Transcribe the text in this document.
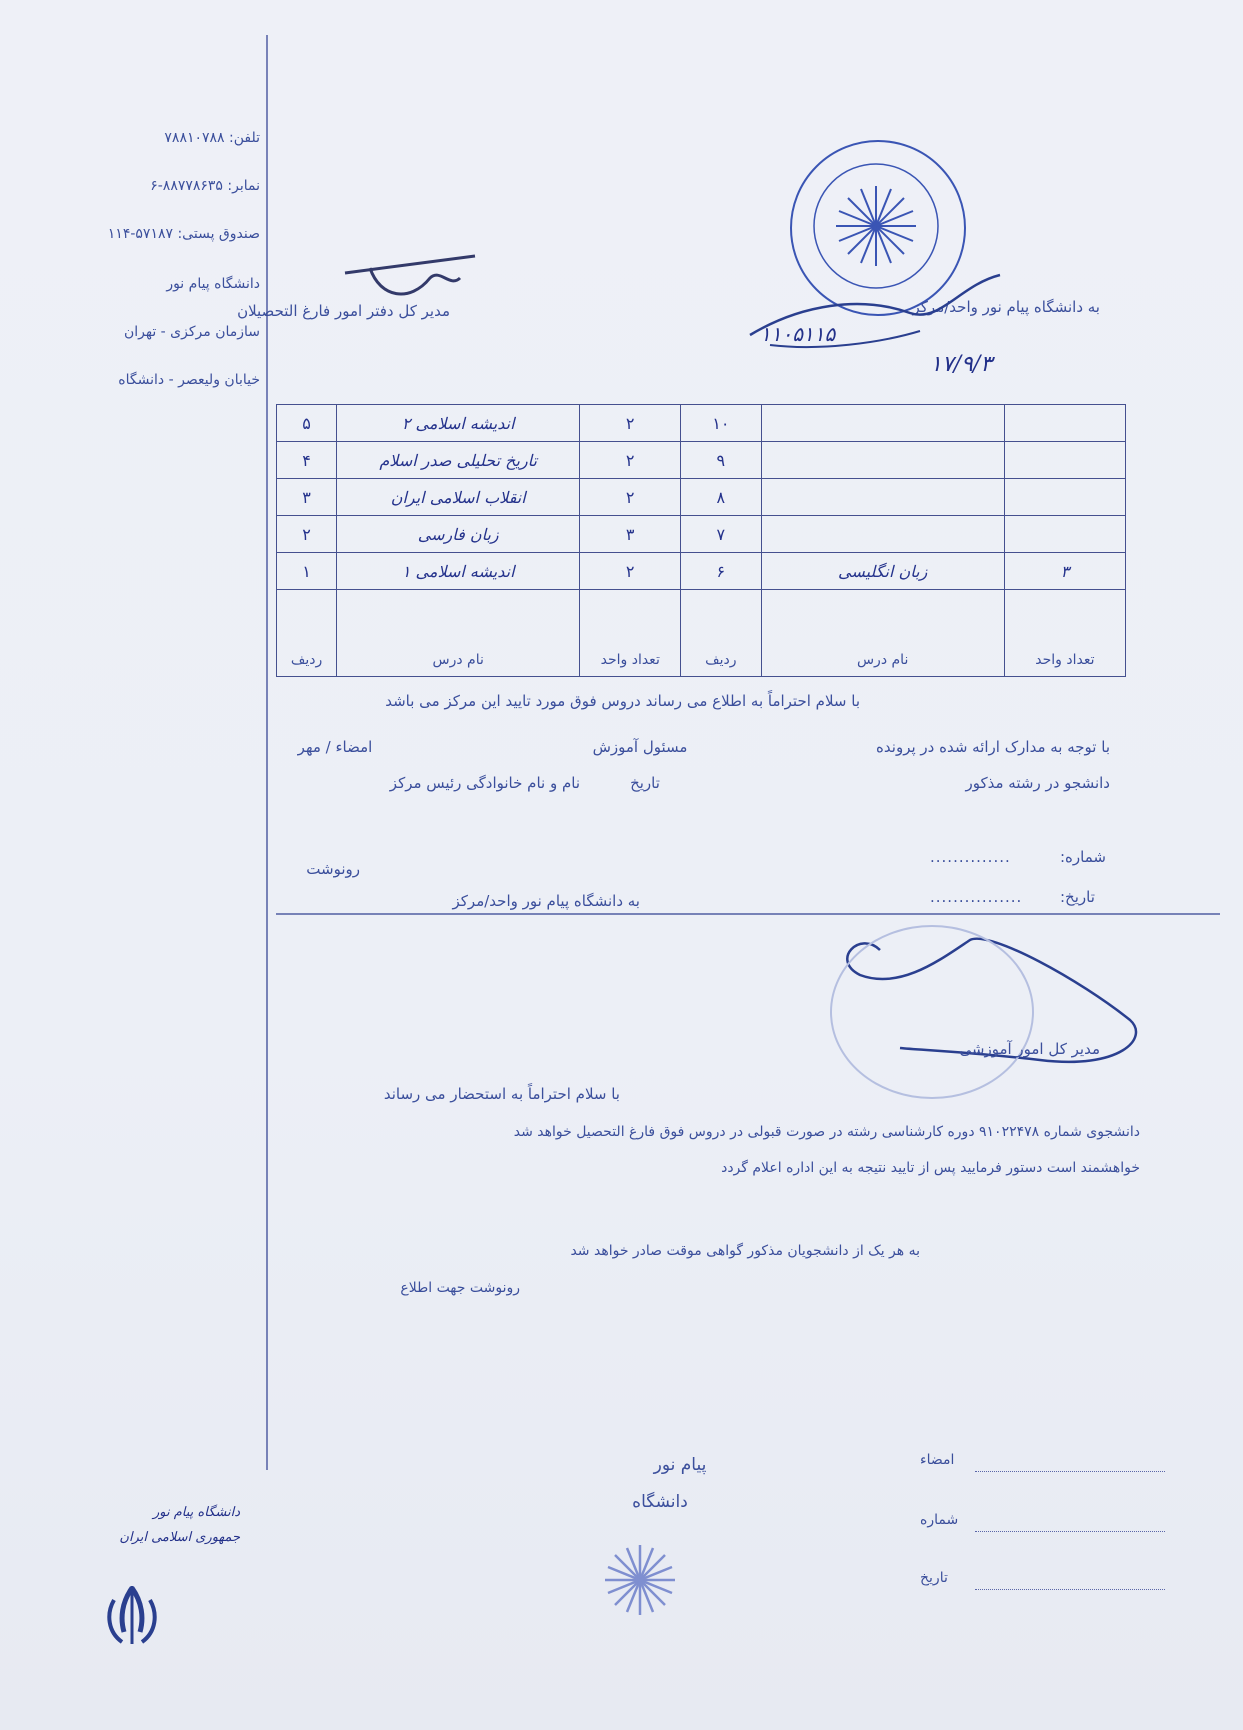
تلفن: ۷۸۸۱۰۷۸۸
نمابر: ۸۸۷۷۸۶۳۵-۶
صندوق پستی: ۵۷۱۸۷-۱۱۴
دانشگاه پیام نور
سازمان مرکزی - تهران
خیابان ولیعصر - دانشگاه
دانشگاه پیام نور
جمهوری اسلامی ایران
به دانشگاه پیام نور واحد/مرکز
۱۱۰۵۱۱۵
۱۷/۹/۳
مدیر کل دفتر امور فارغ التحصیلان
۵	اندیشه اسلامی ۲	۲	۱۰		
۴	تاریخ تحلیلی صدر اسلام	۲	۹		
۳	انقلاب اسلامی ایران	۲	۸		
۲	زبان فارسی	۳	۷		
۱	اندیشه اسلامی ۱	۲	۶	زبان انگلیسی	۳
ردیف	نام درس	تعداد واحد	ردیف	نام درس	تعداد واحد
با سلام احتراماً به اطلاع می رساند دروس فوق مورد تایید این مرکز می باشد
امضاء / مهر	مسئول آموزش	با توجه به مدارک ارائه شده در پرونده
نام و نام خانوادگی رئیس مرکز	تاریخ	دانشجو در رشته مذکور
رونوشت
به دانشگاه پیام نور واحد/مرکز
..............	شماره:
................	تاریخ:
مدیر کل امور آموزشی
با سلام احتراماً به استحضار می رساند
دانشجوی شماره ۹۱۰۲۲۴۷۸ دوره کارشناسی رشته در صورت قبولی در دروس فوق فارغ التحصیل خواهد شد
خواهشمند است دستور فرمایید پس از تایید نتیجه به این اداره اعلام گردد
به هر یک از دانشجویان مذکور گواهی موقت صادر خواهد شد
رونوشت جهت اطلاع
پیام نور
دانشگاه
امضاء
شماره
تاریخ
